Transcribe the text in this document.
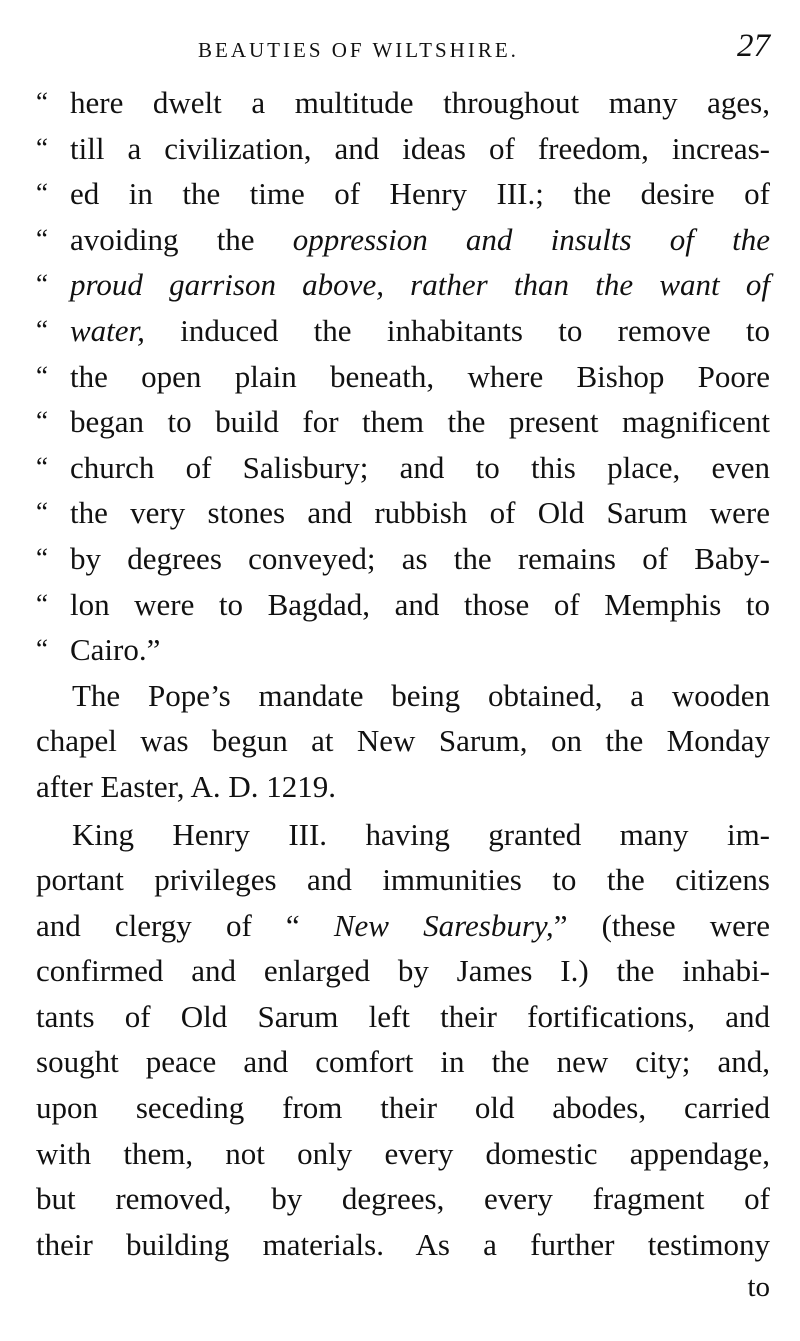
BEAUTIES OF WILTSHIRE.	27
“ here dwelt a multitude throughout many ages,
“ till a civilization, and ideas of freedom, increas-
“ ed in the time of Henry III.; the desire of
“ avoiding the oppression and insults of the
“ proud garrison above, rather than the want of
“ water, induced the inhabitants to remove to
“ the open plain beneath, where Bishop Poore
“ began to build for them the present magnificent
“ church of Salisbury; and to this place, even
“ the very stones and rubbish of Old Sarum were
“ by degrees conveyed; as the remains of Baby-
“ lon were to Bagdad, and those of Memphis to
“ Cairo.”
The Pope’s mandate being obtained, a wooden
chapel was begun at New Sarum, on the Monday
after Easter, A. D. 1219.
King Henry III. having granted many im-
portant privileges and immunities to the citizens
and clergy of “ New Saresbury,” (these were
confirmed and enlarged by James I.) the inhabi-
tants of Old Sarum left their fortifications, and
sought peace and comfort in the new city; and,
upon seceding from their old abodes, carried
with them, not only every domestic appendage,
but removed, by degrees, every fragment of
their building materials. As a further testimony
to
